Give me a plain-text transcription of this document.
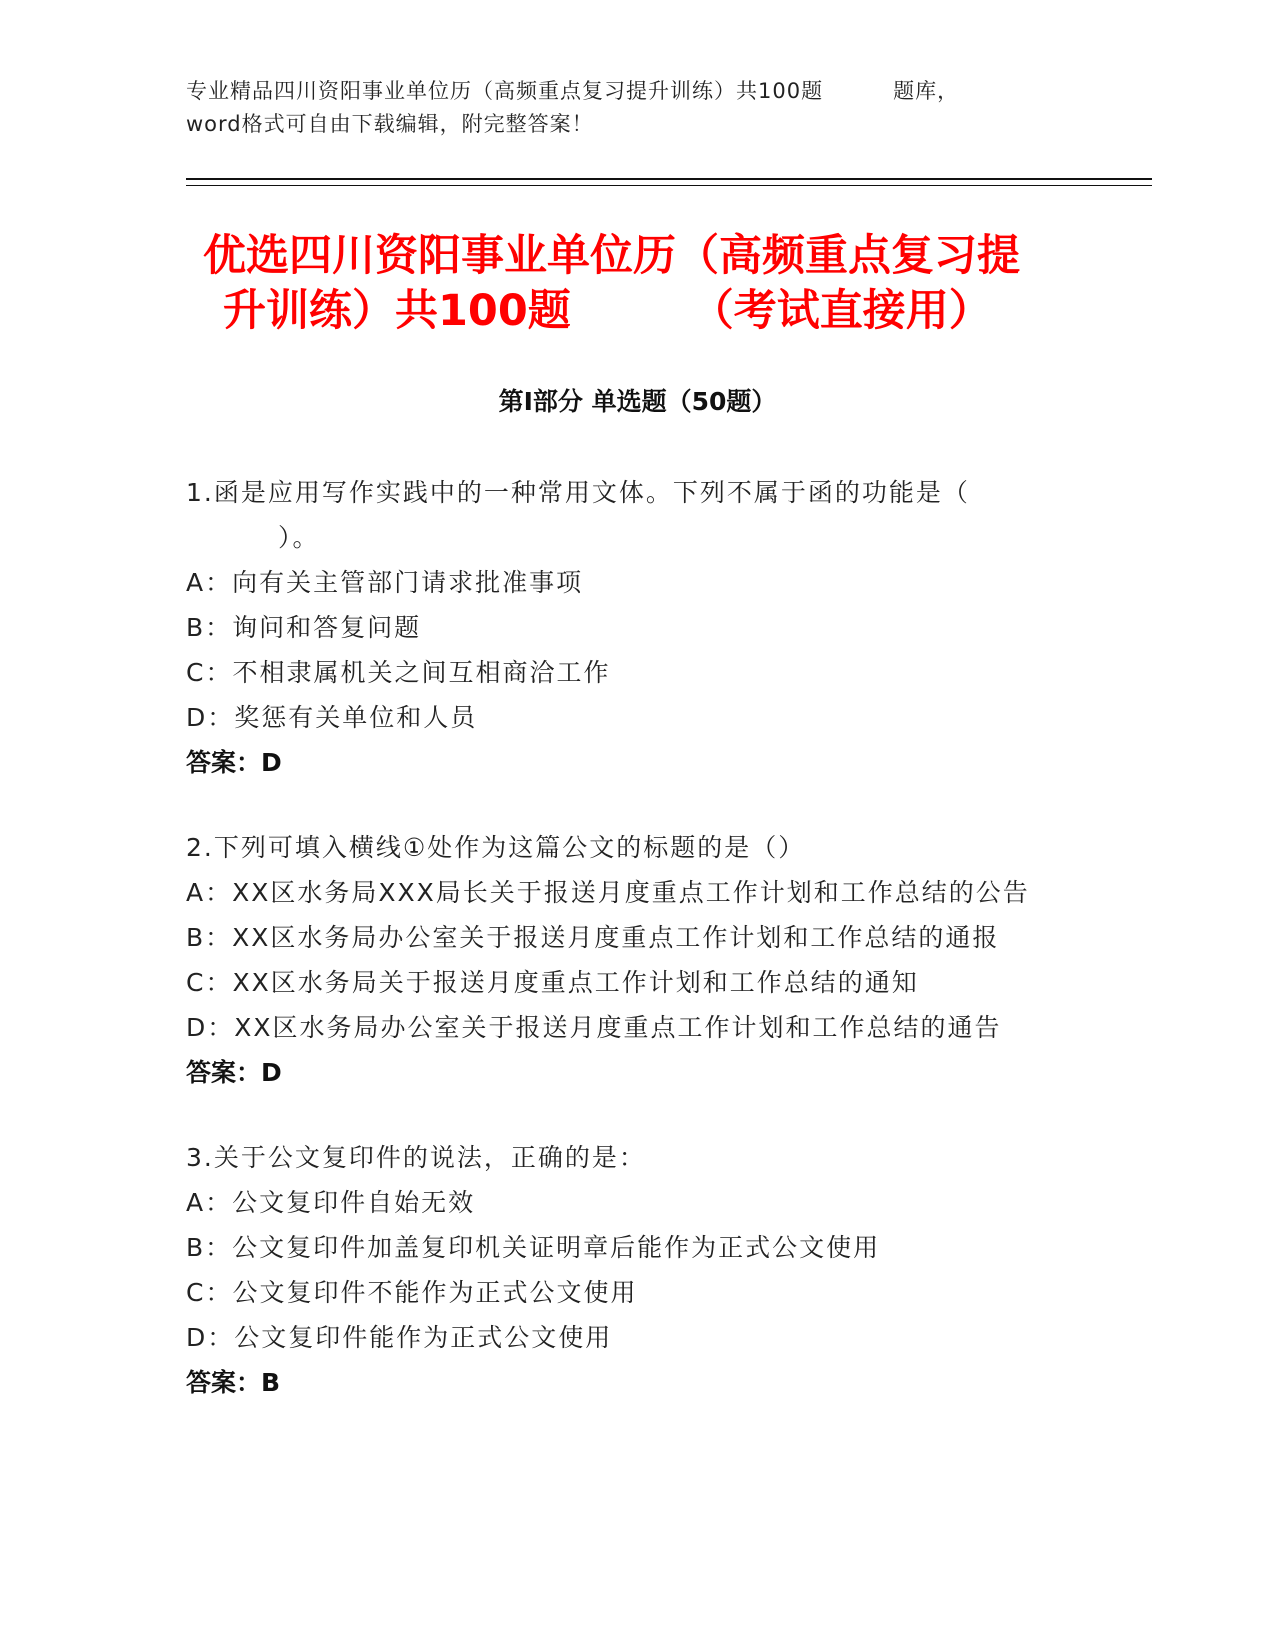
专业精品四川资阳事业单位历（高频重点复习提升训练）共100题	题库，
word格式可自由下载编辑，附完整答案！
优选四川资阳事业单位历（高频重点复习提
升训练）共100题	（考试直接用）
第Ⅰ部分 单选题（50题）
1.函是应用写作实践中的一种常用文体。下列不属于函的功能是（
）。
A：向有关主管部门请求批准事项
B：询问和答复问题
C：不相隶属机关之间互相商洽工作
D：奖惩有关单位和人员
答案：D
2.下列可填入横线①处作为这篇公文的标题的是（）
A：XX区水务局XXX局长关于报送月度重点工作计划和工作总结的公告
B：XX区水务局办公室关于报送月度重点工作计划和工作总结的通报
C：XX区水务局关于报送月度重点工作计划和工作总结的通知
D：XX区水务局办公室关于报送月度重点工作计划和工作总结的通告
答案：D
3.关于公文复印件的说法，正确的是：
A：公文复印件自始无效
B：公文复印件加盖复印机关证明章后能作为正式公文使用
C：公文复印件不能作为正式公文使用
D：公文复印件能作为正式公文使用
答案：B
